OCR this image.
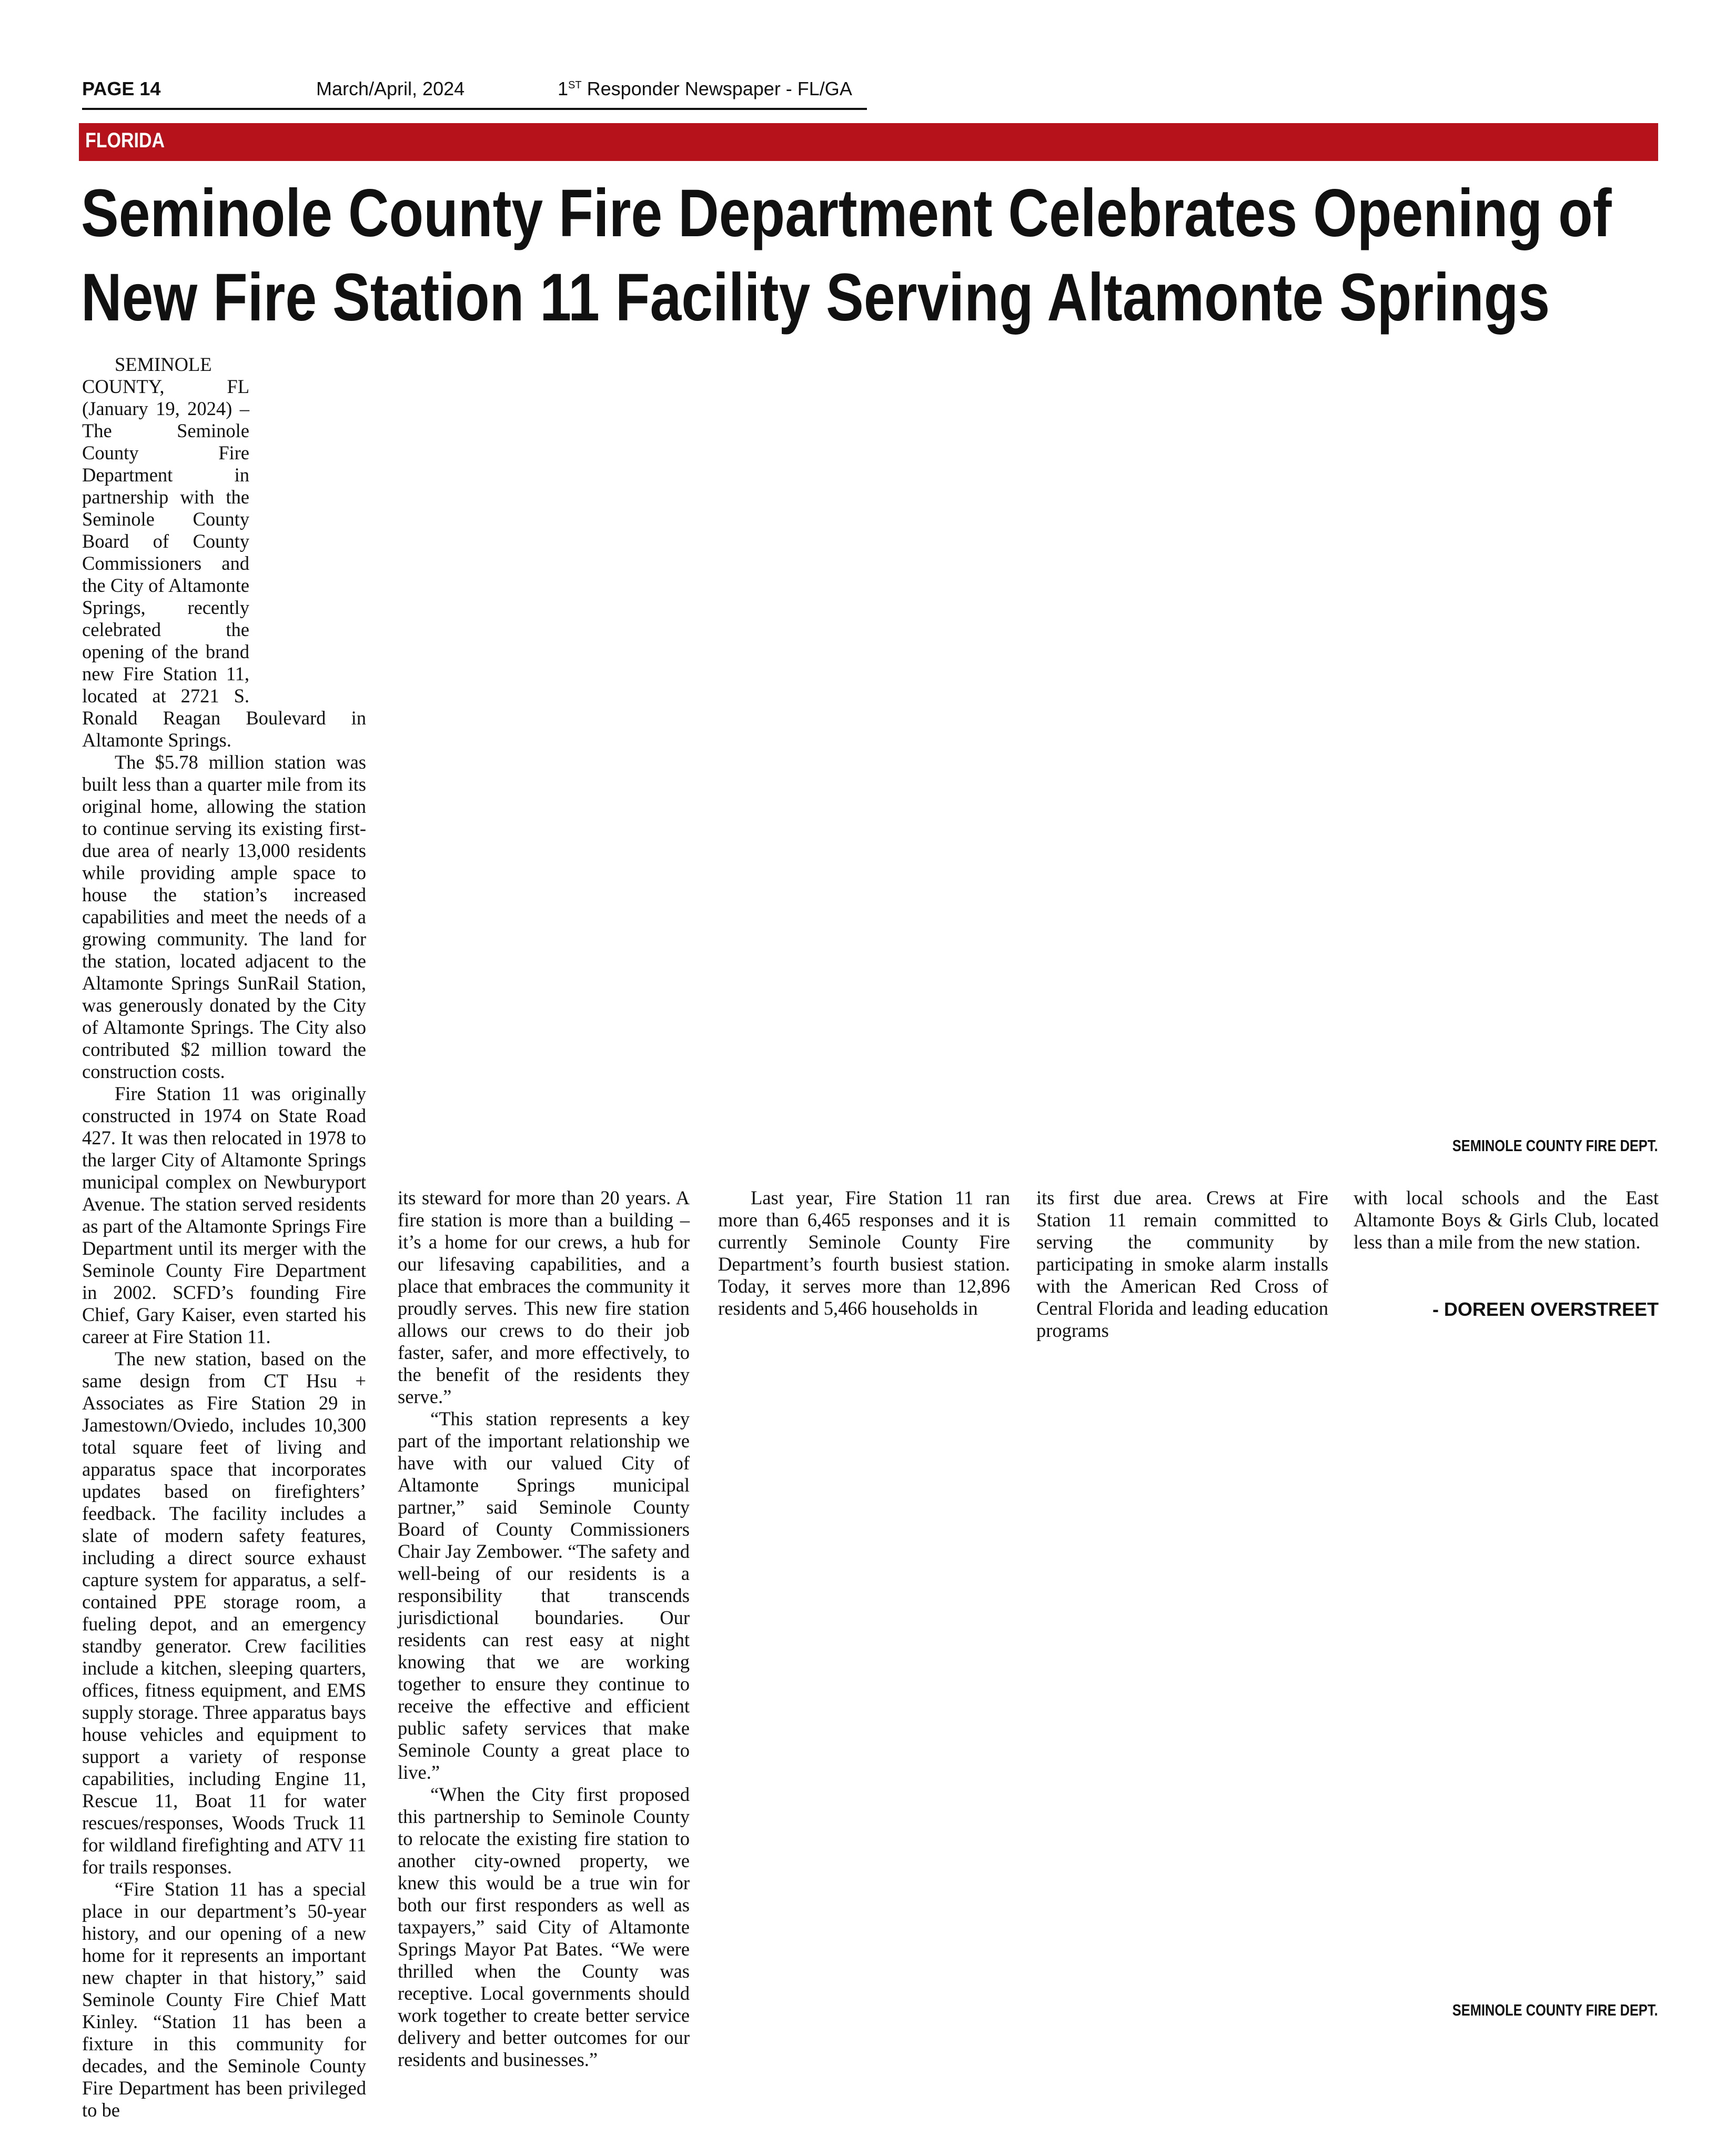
PAGE 14	March/April, 2024	1ST Responder Newspaper - FL/GA
FLORIDA
Seminole County Fire Department Celebrates Opening of
New Fire Station 11 Facility Serving Altamonte Springs
SEMINOLE COUNTY FIRE DEPT.
SEMINOLE COUNTY FIRE DEPT.

SEMINOLE COUNTY, FL (January 19, 2024) – The Seminole County Fire Department in partnership with the Seminole County Board of County Commissioners and the City of Altamonte Springs, recently celebrated the opening of the brand new Fire Station 11, located at 2721 S. Ronald Reagan Boulevard in Altamonte Springs.

The $5.78 million station was built less than a quarter mile from its original home, allowing the station to continue serving its existing first-due area of nearly 13,000 residents while providing ample space to house the station’s increased capabilities and meet the needs of a growing community. The land for the station, located adjacent to the Altamonte Springs SunRail Station, was generously donated by the City of Altamonte Springs. The City also contributed $2 million toward the construction costs.

Fire Station 11 was originally constructed in 1974 on State Road 427. It was then relocated in 1978 to the larger City of Altamonte Springs municipal complex on Newburyport Avenue. The station served residents as part of the Altamonte Springs Fire Department until its merger with the Seminole County Fire Department in 2002. SCFD’s founding Fire Chief, Gary Kaiser, even started his career at Fire Station 11.

The new station, based on the same design from CT Hsu + Associates as Fire Station 29 in Jamestown/Oviedo, includes 10,300 total square feet of living and apparatus space that incorporates updates based on firefighters’ feedback. The facility includes a slate of modern safety features, including a direct source exhaust capture system for apparatus, a self-contained PPE storage room, a fueling depot, and an emergency standby generator. Crew facilities include a kitchen, sleeping quarters, offices, fitness equipment, and EMS supply storage. Three apparatus bays house vehicles and equipment to support a variety of response capabilities, including Engine 11, Rescue 11, Boat 11 for water rescues/responses, Woods Truck 11 for wildland firefighting and ATV 11 for trails responses.

“Fire Station 11 has a special place in our department’s 50-year history, and our opening of a new home for it represents an important new chapter in that history,” said Seminole County Fire Chief Matt Kinley. “Station 11 has been a fixture in this community for decades, and the Seminole County Fire Department has been privileged to be

its steward for more than 20 years. A fire station is more than a building – it’s a home for our crews, a hub for our lifesaving capabilities, and a place that embraces the community it proudly serves. This new fire station allows our crews to do their job faster, safer, and more effectively, to the benefit of the residents they serve.”

“This station represents a key part of the important relationship we have with our valued City of Altamonte Springs municipal partner,” said Seminole County Board of County Commissioners Chair Jay Zembower. “The safety and well-being of our residents is a responsibility that transcends jurisdictional boundaries. Our residents can rest easy at night knowing that we are working together to ensure they continue to receive the effective and efficient public safety services that make Seminole County a great place to live.”

“When the City first proposed this partnership to Seminole County to relocate the existing fire station to another city-owned property, we knew this would be a true win for both our first responders as well as taxpayers,” said City of Altamonte Springs Mayor Pat Bates. “We were thrilled when the County was receptive. Local governments should work together to create better service delivery and better outcomes for our residents and businesses.”

Last year, Fire Station 11 ran more than 6,465 responses and it is currently Seminole County Fire Department’s fourth busiest station. Today, it serves more than 12,896 residents and 5,466 households in

its first due area. Crews at Fire Station 11 remain committed to serving the community by participating in smoke alarm installs with the American Red Cross of Central Florida and leading education programs

with local schools and the East Altamonte Boys & Girls Club, located less than a mile from the new station.

- DOREEN OVERSTREET
